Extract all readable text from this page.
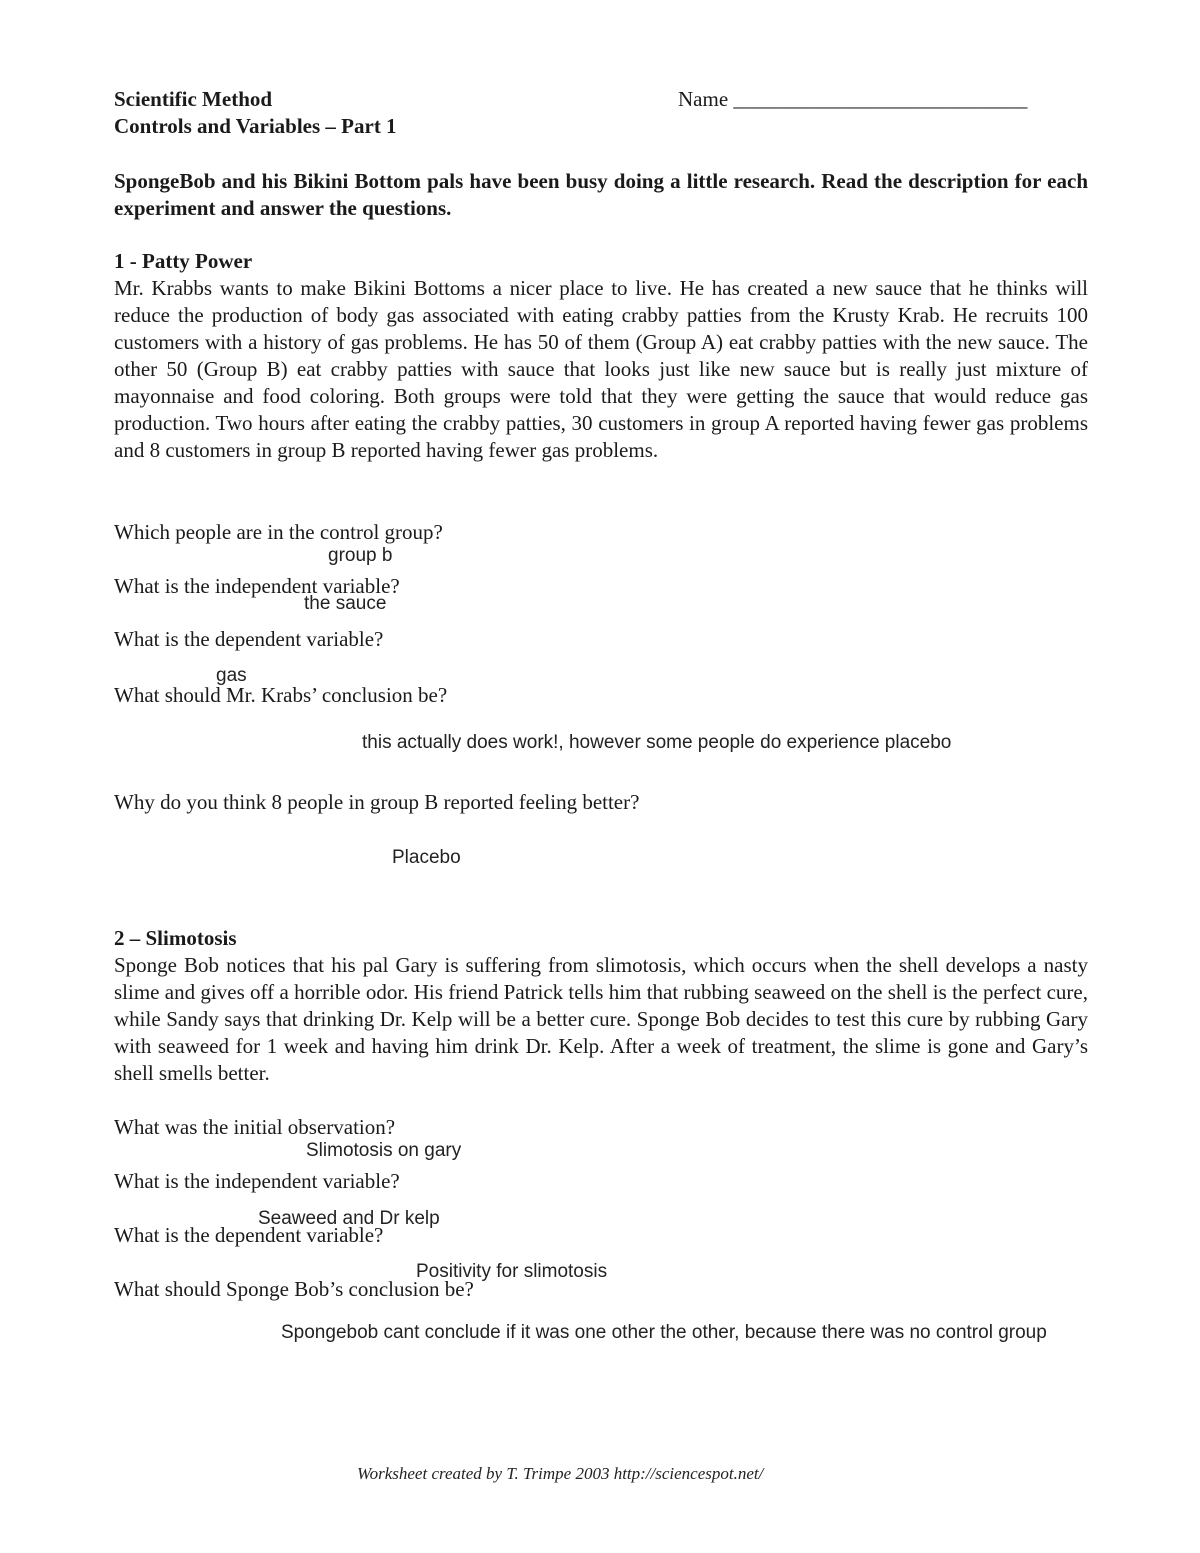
Scientific Method
Controls and Variables – Part 1
Name ____________________________
SpongeBob and his Bikini Bottom pals have been busy doing a little research. Read the description for each experiment and answer the questions.
1 - Patty Power
Mr. Krabbs wants to make Bikini Bottoms a nicer place to live. He has created a new sauce that he thinks will reduce the production of body gas associated with eating crabby patties from the Krusty Krab. He recruits 100 customers with a history of gas problems. He has 50 of them (Group A) eat crabby patties with the new sauce. The other 50 (Group B) eat crabby patties with sauce that looks just like new sauce but is really just mixture of mayonnaise and food coloring. Both groups were told that they were getting the sauce that would reduce gas production. Two hours after eating the crabby patties, 30 customers in group A reported having fewer gas problems and 8 customers in group B reported having fewer gas problems.
Which people are in the control group?
group b
What is the independent variable?
the sauce
What is the dependent variable?
gas
What should Mr. Krabs’ conclusion be?
this actually does work!, however some people do experience placebo
Why do you think 8 people in group B reported feeling better?
Placebo
2 – Slimotosis
Sponge Bob notices that his pal Gary is suffering from slimotosis, which occurs when the shell develops a nasty slime and gives off a horrible odor. His friend Patrick tells him that rubbing seaweed on the shell is the perfect cure, while Sandy says that drinking Dr. Kelp will be a better cure. Sponge Bob decides to test this cure by rubbing Gary with seaweed for 1 week and having him drink Dr. Kelp. After a week of treatment, the slime is gone and Gary’s shell smells better.
What was the initial observation?
Slimotosis on gary
What is the independent variable?
Seaweed and Dr kelp
What is the dependent variable?
Positivity for slimotosis
What should Sponge Bob’s conclusion be?
Spongebob cant conclude if it was one other the other, because there was no control group
Worksheet created by T. Trimpe 2003 http://sciencespot.net/
